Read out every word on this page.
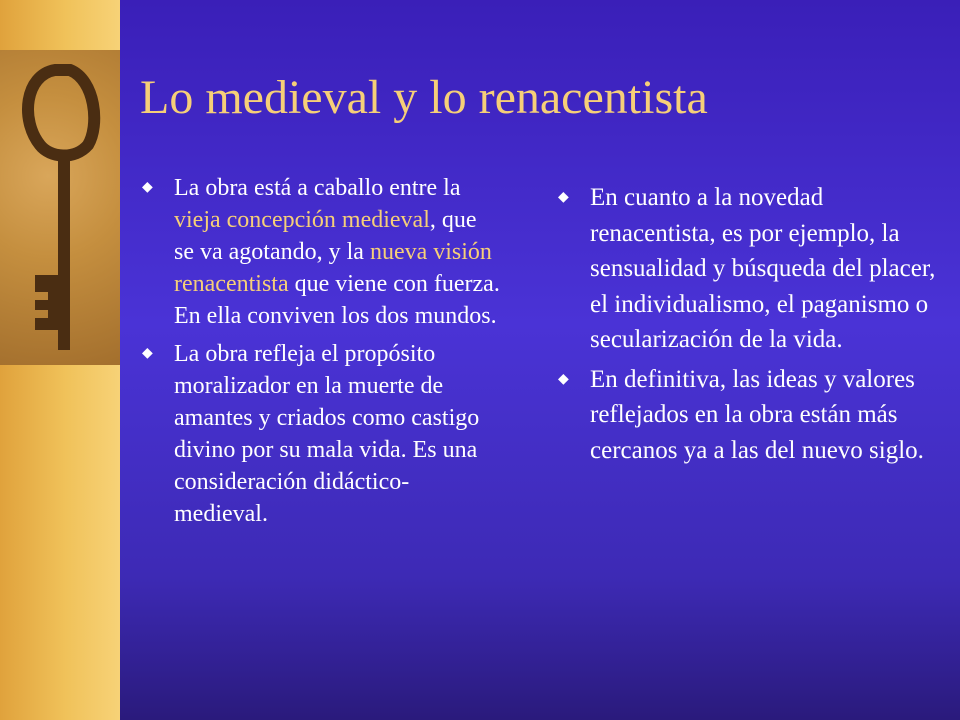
Lo medieval y lo renacentista
◆ La obra está a caballo entre la vieja concepción medieval, que se va agotando, y la nueva visión renacentista que viene con fuerza. En ella conviven los dos mundos.
◆ La obra refleja el propósito moralizador en la muerte de amantes y criados como castigo divino por su mala vida. Es una consideración didáctico-medieval.
◆ En cuanto a la novedad renacentista, es por ejemplo, la sensualidad y búsqueda del placer, el individualismo, el paganismo o secularización de la vida.
◆ En definitiva, las ideas y valores reflejados en la obra están más cercanos ya a las del nuevo siglo.
